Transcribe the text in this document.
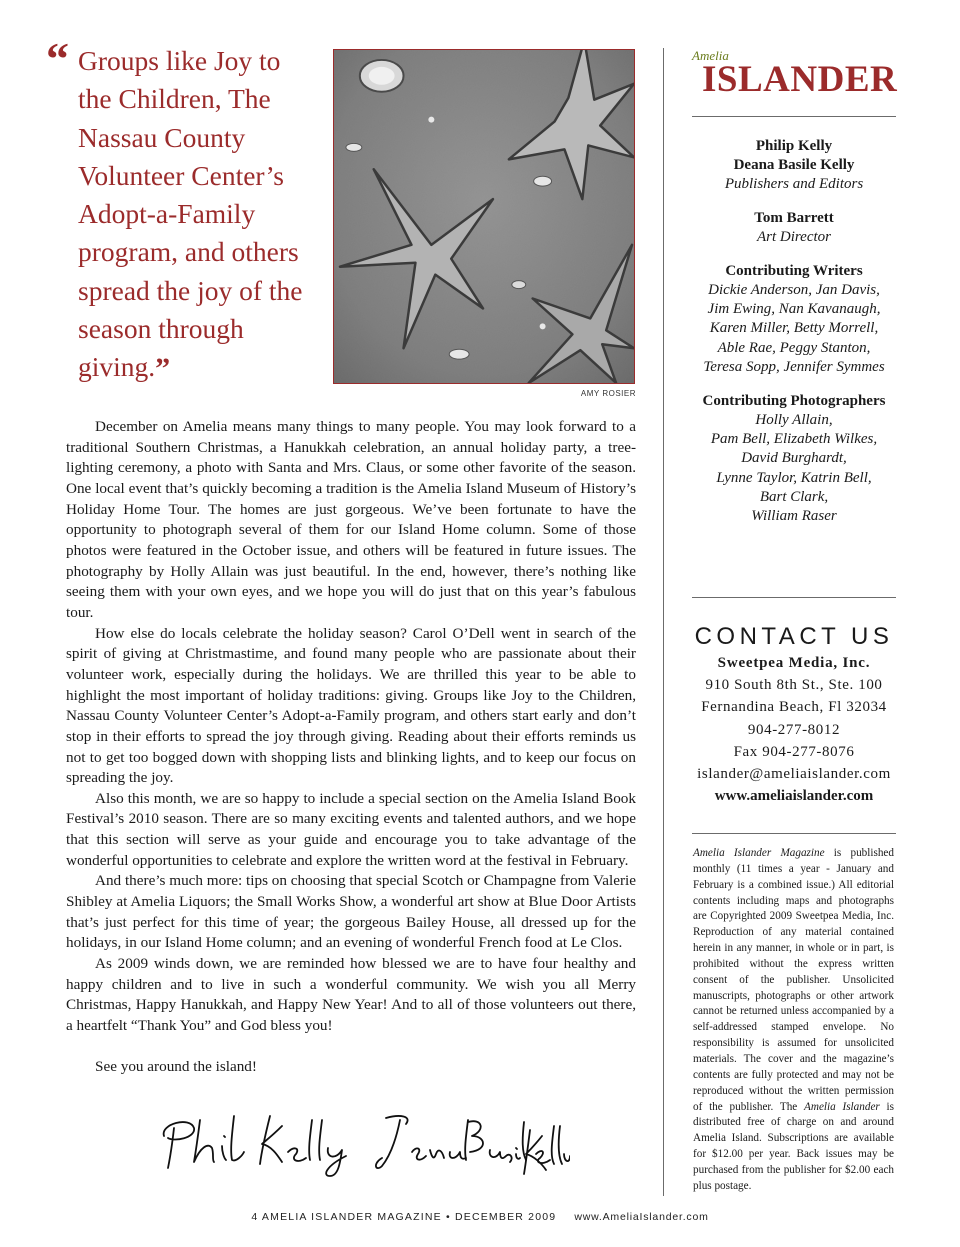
“ Groups like Joy to the Children, The Nassau County Volunteer Center’s Adopt-a-Family program, and others spread the joy of the season through giving.”
AMY ROSIER

December on Amelia means many things to many people. You may look forward to a traditional Southern Christmas, a Hanukkah celebration, an annual holiday party, a tree-lighting ceremony, a photo with Santa and Mrs. Claus, or some other favorite of the season. One local event that’s quickly becoming a tradition is the Amelia Island Museum of History’s Holiday Home Tour. The homes are just gorgeous. We’ve been fortunate to have the opportunity to photograph several of them for our Island Home column. Some of those photos were featured in the October issue, and others will be featured in future issues. The photography by Holly Allain was just beautiful. In the end, however, there’s nothing like seeing them with your own eyes, and we hope you will do just that on this year’s fabulous tour.

How else do locals celebrate the holiday season? Carol O’Dell went in search of the spirit of giving at Christmastime, and found many people who are passionate about their volunteer work, especially during the holidays. We are thrilled this year to be able to highlight the most important of holiday traditions: giving. Groups like Joy to the Children, Nassau County Volunteer Center’s Adopt-a-Family program, and others start early and don’t stop in their efforts to spread the joy through giving. Reading about their efforts reminds us not to get too bogged down with shopping lists and blinking lights, and to keep our focus on spreading the joy.

Also this month, we are so happy to include a special section on the Amelia Island Book Festival’s 2010 season. There are so many exciting events and talented authors, and we hope that this section will serve as your guide and encourage you to take advantage of the wonderful opportunities to celebrate and explore the written word at the festival in February.

And there’s much more: tips on choosing that special Scotch or Champagne from Valerie Shibley at Amelia Liquors; the Small Works Show, a wonderful art show at Blue Door Artists that’s just perfect for this time of year; the gorgeous Bailey House, all dressed up for the holidays, in our Island Home column; and an evening of wonderful French food at Le Clos.

As 2009 winds down, we are reminded how blessed we are to have four healthy and happy children and to live in such a wonderful community. We wish you all Merry Christmas, Happy Hanukkah, and Happy New Year! And to all of those volunteers out there, a heartfelt “Thank You” and God bless you!

See you around the island!

Amelia
ISLANDER
Philip Kelly
Deana Basile Kelly
Publishers and Editors
Tom Barrett
Art Director
Contributing Writers
Dickie Anderson, Jan Davis,
Jim Ewing, Nan Kavanaugh,
Karen Miller, Betty Morrell,
Able Rae, Peggy Stanton,
Teresa Sopp, Jennifer Symmes
Contributing Photographers
Holly Allain,
Pam Bell, Elizabeth Wilkes,
David Burghardt,
Lynne Taylor, Katrin Bell,
Bart Clark,
William Raser
CONTACT US
Sweetpea Media, Inc.
910 South 8th St., Ste. 100
Fernandina Beach, Fl 32034
904-277-8012
Fax 904-277-8076
islander@ameliaislander.com
www.ameliaislander.com
Amelia Islander Magazine is published monthly (11 times a year - January and February is a combined issue.) All editorial contents including maps and photographs are Copyrighted 2009 Sweetpea Media, Inc. Reproduction of any material contained herein in any manner, in whole or in part, is prohibited without the express written consent of the publisher. Unsolicited manuscripts, photographs or other artwork cannot be returned unless accompanied by a self-addressed stamped envelope. No responsibility is assumed for unsolicited materials. The cover and the magazine’s contents are fully protected and may not be reproduced without the written permission of the publisher. The Amelia Islander is distributed free of charge on and around Amelia Island. Subscriptions are available for $12.00 per year. Back issues may be purchased from the publisher for $2.00 each plus postage.
4 AMELIA ISLANDER MAGAZINE • DECEMBER 2009 www.AmeliaIslander.com
